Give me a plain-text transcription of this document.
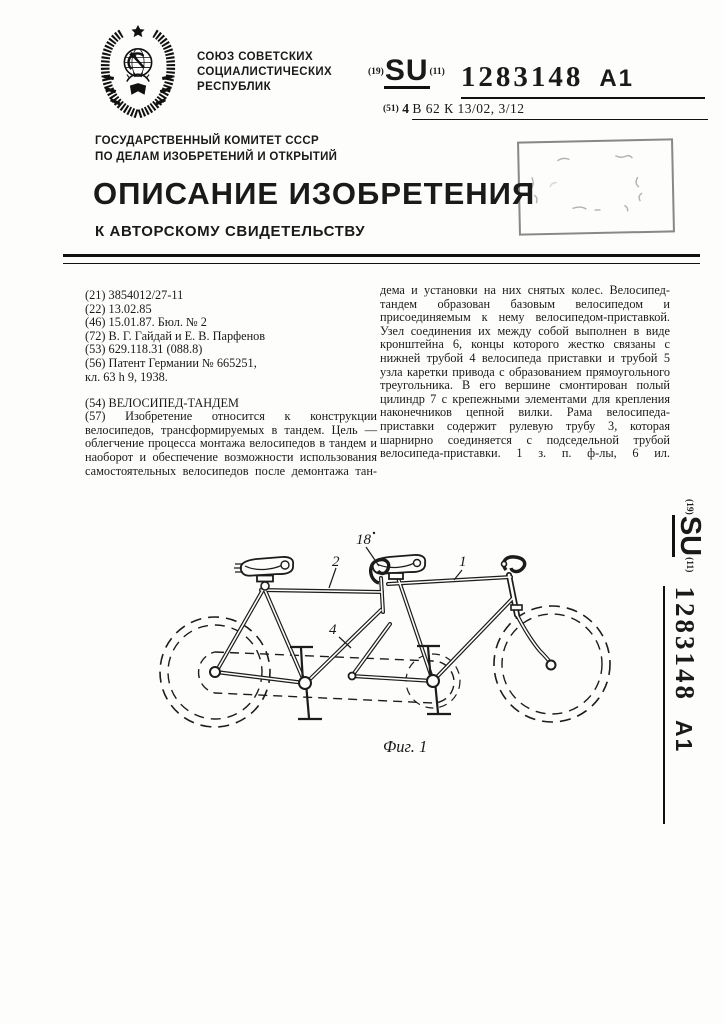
СОЮЗ СОВЕТСКИХ
СОЦИАЛИСТИЧЕСКИХ
РЕСПУБЛИК
$^{(19)}$SU$^{(11)}$ 1283148 А1
(51) 4 В 62 К 13/02, 3/12
ГОСУДАРСТВЕННЫЙ КОМИТЕТ СССР
ПО ДЕЛАМ ИЗОБРЕТЕНИЙ И ОТКРЫТИЙ
ОПИСАНИЕ ИЗОБРЕТЕНИЯ
К АВТОРСКОМУ СВИДЕТЕЛЬСТВУ

(21) 3854012/27-11

(22) 13.02.85

(46) 15.01.87. Бюл. № 2

(72) В. Г. Гайдай и Е. В. Парфенов

(53) 629.118.31 (088.8)

(56) Патент Германии № 665251,

кл. 63 h 9, 1938.

(54) ВЕЛОСИПЕД-ТАНДЕМ

(57) Изобретение относится к конструкции велосипедов, трансформируемых в тандем. Цель — облегчение процесса монтажа велосипедов в тандем и наоборот и обеспечение возможности использования самостоятельных велосипедов после демонтажа тан-

дема и установки на них снятых колес. Велосипед-тандем образован базовым велосипедом и присоединяемым к нему велосипедом-приставкой. Узел соединения их между собой выполнен в виде кронштейна 6, концы которого жестко связаны с нижней трубой 4 велосипеда приставки и трубой 5 узла каретки привода с образованием прямоугольного треугольника. В его вершине смонтирован полый цилиндр 7 с крепежными элементами для крепления наконечников цепной вилки. Рама велосипеда-приставки содержит рулевую трубу 3, которая шарнирно соединяется с подседельной трубой велосипеда-приставки. 1 з. п. ф-лы, 6 ил.

$^{(19)}$SU$^{(11)}$ 1283148А1
18
2	1
4
Фиг. 1
